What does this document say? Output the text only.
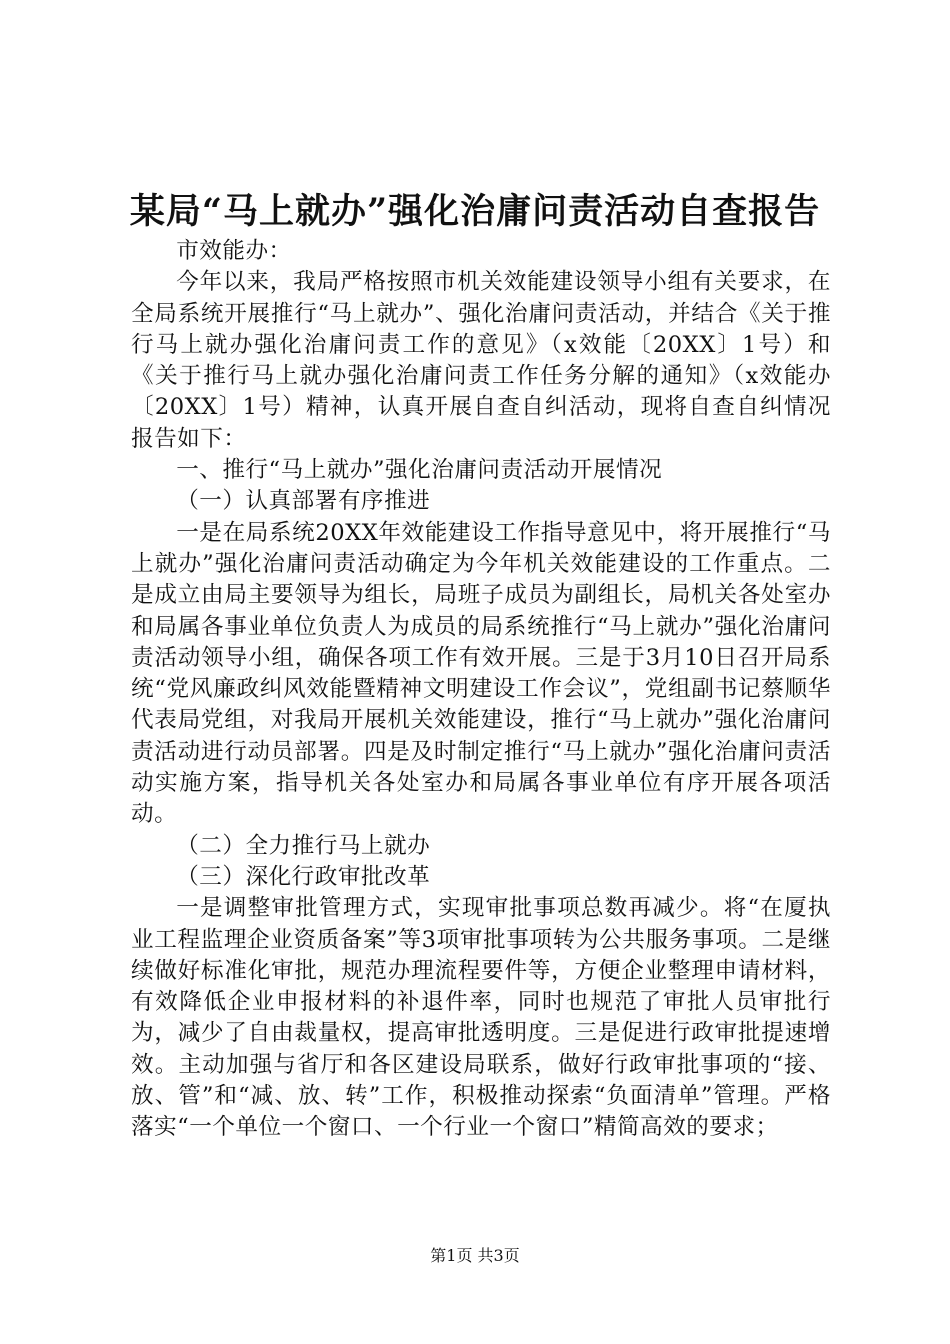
某局“马上就办”强化治庸问责活动自查报告

市效能办：

今年以来，我局严格按照市机关效能建设领导小组有关要求，在全局系统开展推行“马上就办”、强化治庸问责活动，并结合《关于推行马上就办强化治庸问责工作的意见》（x效能〔20XX〕1号）和《关于推行马上就办强化治庸问责工作任务分解的通知》（x效能办〔20XX〕1号）精神，认真开展自查自纠活动，现将自查自纠情况报告如下：

一、推行“马上就办”强化治庸问责活动开展情况

（一）认真部署有序推进

一是在局系统20XX年效能建设工作指导意见中，将开展推行“马上就办”强化治庸问责活动确定为今年机关效能建设的工作重点。二是成立由局主要领导为组长，局班子成员为副组长，局机关各处室办和局属各事业单位负责人为成员的局系统推行“马上就办”强化治庸问责活动领导小组，确保各项工作有效开展。三是于3月10日召开局系统“党风廉政纠风效能暨精神文明建设工作会议”，党组副书记蔡顺华代表局党组，对我局开展机关效能建设，推行“马上就办”强化治庸问责活动进行动员部署。四是及时制定推行“马上就办”强化治庸问责活动实施方案，指导机关各处室办和局属各事业单位有序开展各项活动。

（二）全力推行马上就办

（三）深化行政审批改革

一是调整审批管理方式，实现审批事项总数再减少。将“在厦执业工程监理企业资质备案”等3项审批事项转为公共服务事项。二是继续做好标准化审批，规范办理流程要件等，方便企业整理申请材料，有效降低企业申报材料的补退件率，同时也规范了审批人员审批行为，减少了自由裁量权，提高审批透明度。三是促进行政审批提速增效。主动加强与省厅和各区建设局联系，做好行政审批事项的“接、放、管”和“减、放、转”工作，积极推动探索“负面清单”管理。严格落实“一个单位一个窗口、一个行业一个窗口”精简高效的要求；

第1页 共3页
